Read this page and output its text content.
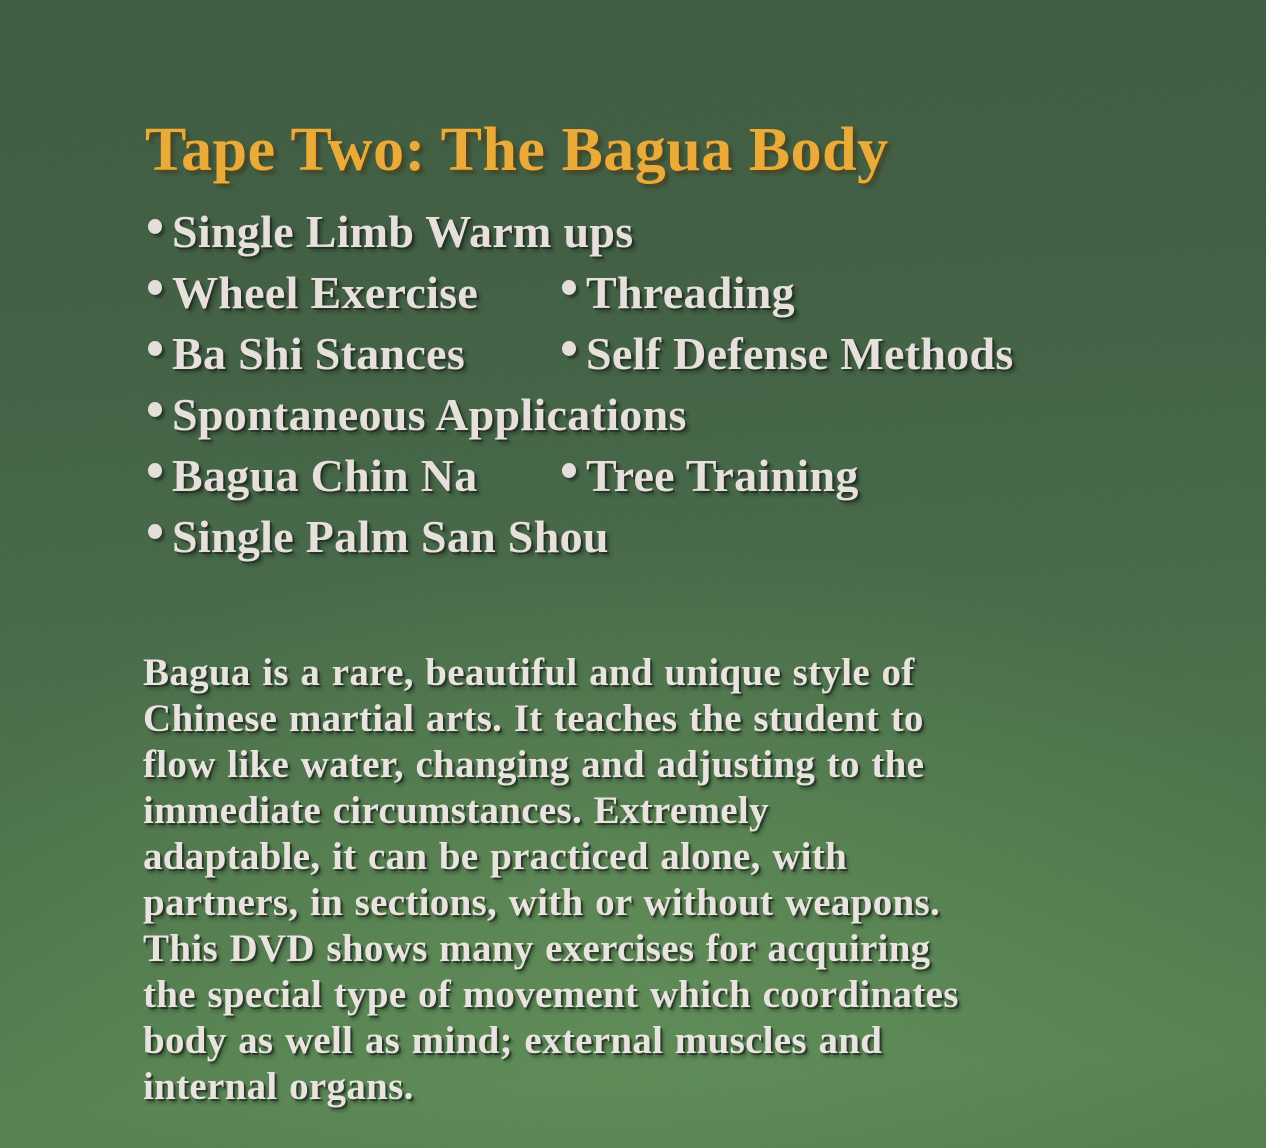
Tape Two: The Bagua Body
Single Limb Warm ups
Wheel Exercise Threading
Ba Shi Stances	Self Defense Methods
Spontaneous Applications
Bagua Chin Na Tree Training
Single Palm San Shou
Bagua is a rare, beautiful and unique style of
Chinese martial arts. It teaches the student to
flow like water, changing and adjusting to the
immediate circumstances. Extremely
adaptable, it can be practiced alone, with
partners, in sections, with or without weapons.
This DVD shows many exercises for acquiring
the special type of movement which coordinates
body as well as mind; external muscles and
internal organs.
